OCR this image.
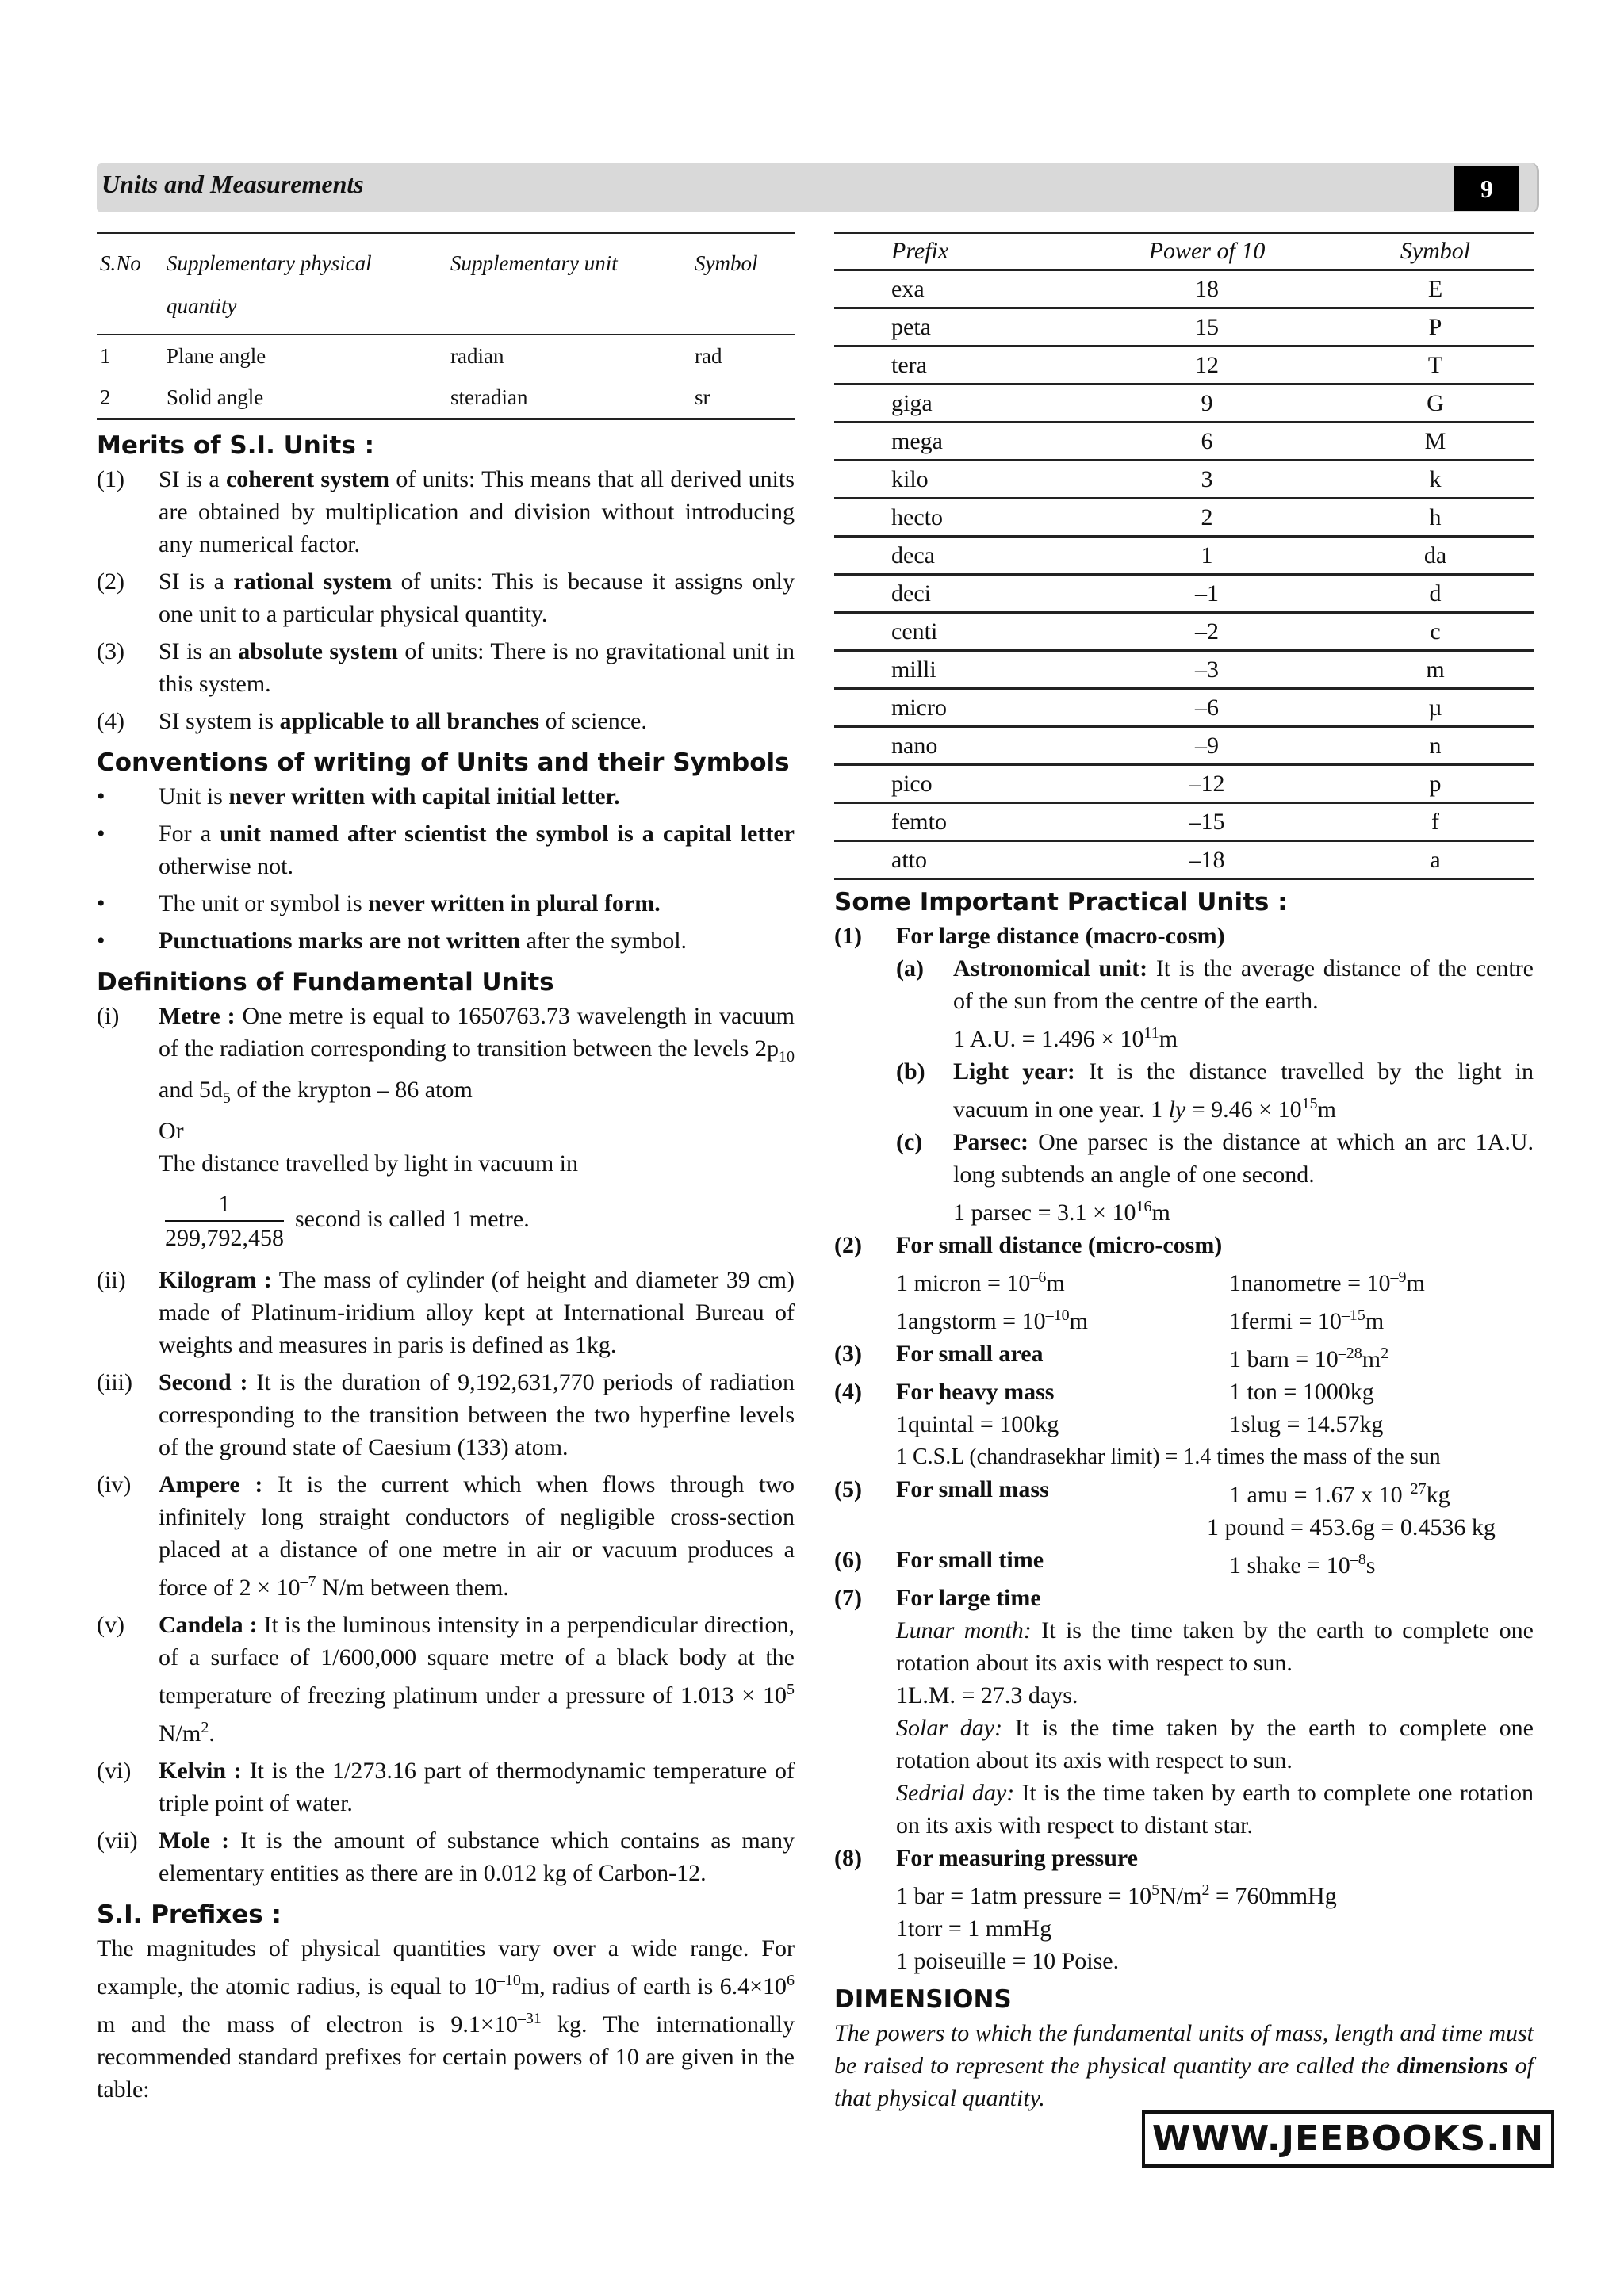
Units and Measurements	9
S.No	Supplementary physical quantity	Supplementary unit	Symbol
1	Plane angle	radian	rad
2	Solid angle	steradian	sr
Merits of S.I. Units :
(1)	SI is a coherent system of units: This means that all derived units are obtained by multiplication and division without introducing any numerical factor.
(2)	SI is a rational system of units: This is because it assigns only one unit to a particular physical quantity.
(3)	SI is an absolute system of units: There is no gravitational unit in this system.
(4)	SI system is applicable to all branches of science.
Conventions of writing of Units and their Symbols
•	Unit is never written with capital initial letter.
•	For a unit named after scientist the symbol is a capital letter otherwise not.
•	The unit or symbol is never written in plural form.
•	Punctuations marks are not written after the symbol.
Definitions of Fundamental Units
(i)	Metre : One metre is equal to 1650763.73 wavelength in vacuum of the radiation corresponding to transition between the levels $2p_{10}$ and $5d_5$ of the krypton – 86 atom
Or
The distance travelled by light in vacuum in
$\frac{1}{299,792,458}$ second is called 1 metre.
(ii)	Kilogram : The mass of cylinder (of height and diameter 39 cm) made of Platinum-iridium alloy kept at International Bureau of weights and measures in paris is defined as 1kg.
(iii)	Second : It is the duration of 9,192,631,770 periods of radiation corresponding to the transition between the two hyperfine levels of the ground state of Caesium (133) atom.
(iv)	Ampere : It is the current which when flows through two infinitely long straight conductors of negligible cross-section placed at a distance of one metre in air or vacuum produces a force of $2 \times 10^{-7}$ N/m between them.
(v)	Candela : It is the luminous intensity in a perpendicular direction, of a surface of 1/600,000 square metre of a black body at the temperature of freezing platinum under a pressure of $1.013 \times 10^5$ $N/m^2$.
(vi)	Kelvin : It is the 1/273.16 part of thermodynamic temperature of triple point of water.
(vii) Mole : It is the amount of substance which contains as many elementary entities as there are in 0.012 kg of Carbon-12.
S.I. Prefixes :
The magnitudes of physical quantities vary over a wide range. For example, the atomic radius, is equal to $10^{-10}m$, radius of earth is $6.4\times 10^6$ m and the mass of electron is $9.1\times 10^{-31}$ kg. The internationally recommended standard prefixes for certain powers of 10 are given in the table:
Prefix	Power of 10	Symbol
exa	18	E
peta	15	P
tera	12	T
giga	9	G
mega	6	M
kilo	3	k
hecto	2	h
deca	1	da
deci	–1	d
centi	–2	c
milli	–3	m
micro	–6	µ
nano	–9	n
pico	–12	p
femto	–15	f
atto	–18	a
Some Important Practical Units :
(1)	For large distance (macro-cosm)
(a)	Astronomical unit: It is the average distance of the centre of the sun from the centre of the earth.
1 A.U. = $1.496 \times 10^{11}m$
(b)	Light year: It is the distance travelled by the light in vacuum in one year. 1 ly = $9.46 \times 10^{15}m$
(c)	Parsec: One parsec is the distance at which an arc 1A.U. long subtends an angle of one second.
1 $parsec = 3.1 \times 10^{16}m$
(2)	For small distance (micro-cosm)
1 micron = $10^{-6}m$	1nanometre = $10^{-9}m$
1angstorm = $10^{-10}m$	1fermi = $10^{-15}m$
(3)	For small area	1 barn = $10^{-28}m^2$
(4)	For heavy mass	1 ton = 1000kg
1quintal = 100kg	1slug = 14.57kg
1 C.S.L (chandrasekhar limit) = 1.4 times the mass of the sun
(5)	For small mass	1 amu = 1.67 x $10^{-27}kg$
1 pound = 453.6g = 0.4536 kg
(6)	For small time	1 shake = $10^{-8}s$
(7)	For large time
Lunar month: It is the time taken by the earth to complete one rotation about its axis with respect to sun.
1L.M. = 27.3 days.
Solar day: It is the time taken by the earth to complete one rotation about its axis with respect to sun.
Sedrial day: It is the time taken by earth to complete one rotation on its axis with respect to distant star.
(8)	For measuring pressure
1 bar = 1atm pressure = $10^5N/m^2$ = 760mmHg
1torr = 1 mmHg
1 poiseuille = 10 Poise.
DIMENSIONS
The powers to which the fundamental units of mass, length and time must be raised to represent the physical quantity are called the dimensions of that physical quantity.
WWW.JEEBOOKS.IN
